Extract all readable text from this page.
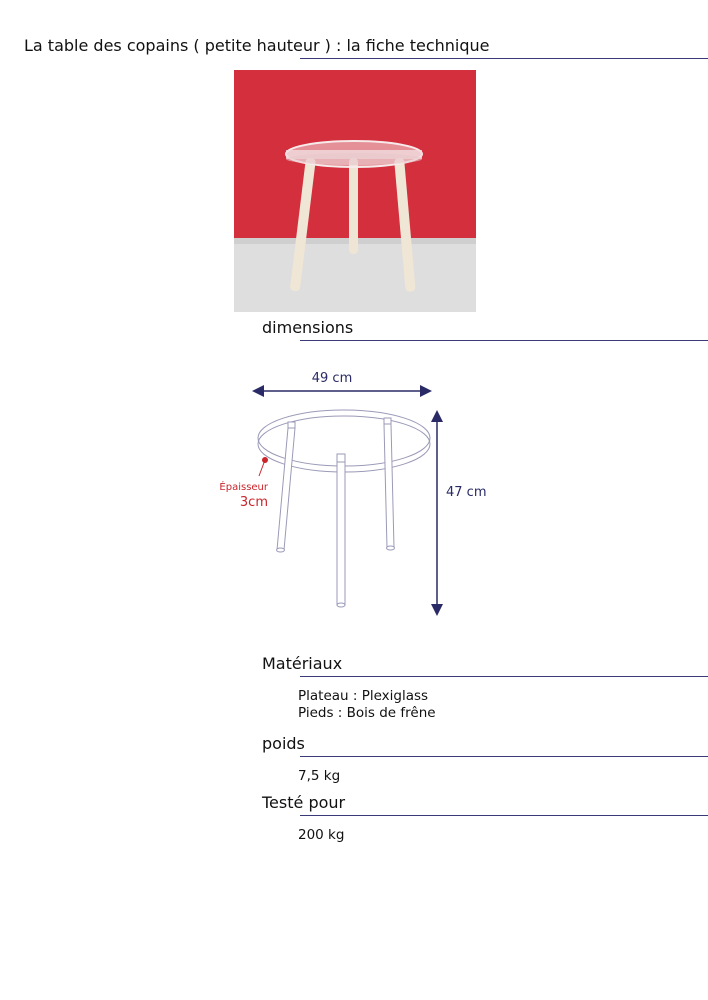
La table des copains ( petite hauteur ) : la fiche technique
dimensions
49 cm
47 cm
Épaisseur
3cm
Matériaux
Plateau : Plexiglass
Pieds : Bois de frêne
poids
7,5 kg
Testé pour
200 kg
